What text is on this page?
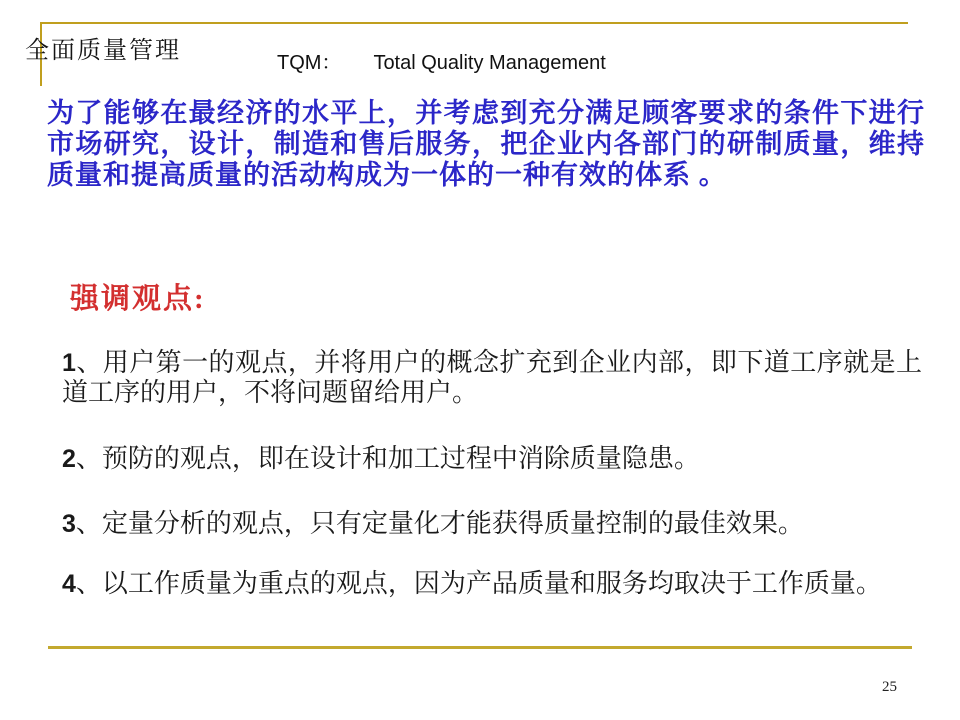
全面质量管理	TQM： Total Quality Management
为了能够在最经济的水平上，并考虑到充分满足顾客要求的条件下进行市场研究，设计，制造和售后服务，把企业内各部门的研制质量，维持质量和提高质量的活动构成为一体的一种有效的体系 。
强调观点:
1、用户第一的观点，并将用户的概念扩充到企业内部，即下道工序就是上道工序的用户，不将问题留给用户。
2、预防的观点，即在设计和加工过程中消除质量隐患。
3、定量分析的观点，只有定量化才能获得质量控制的最佳效果。
4、以工作质量为重点的观点，因为产品质量和服务均取决于工作质量。
25
